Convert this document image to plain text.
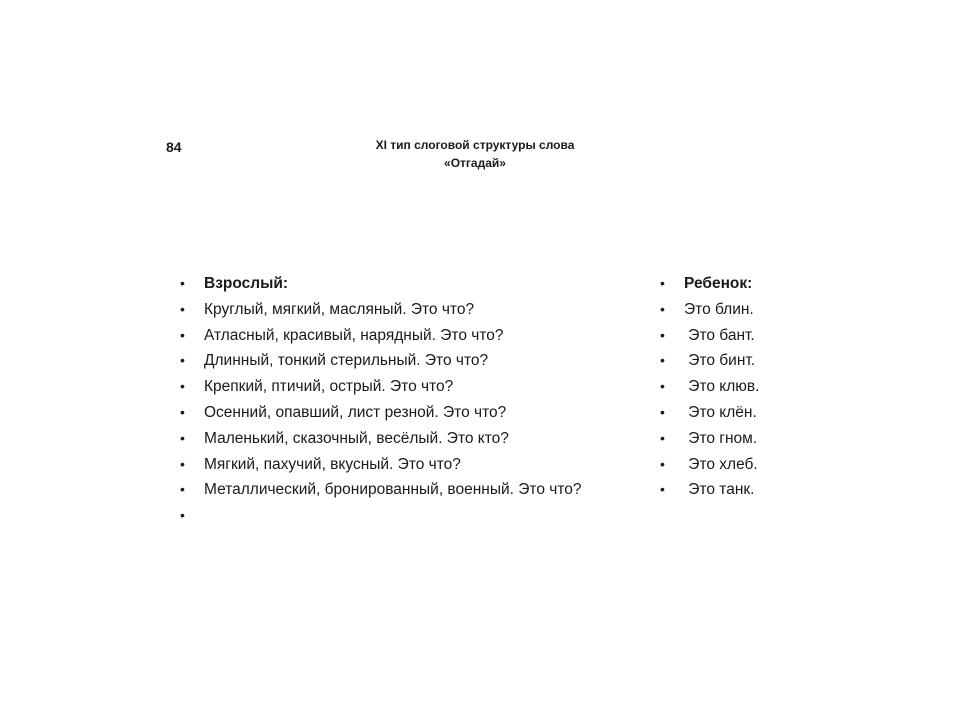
84	XI тип слоговой структуры слова
«Отгадай»
• Взрослый:
• Круглый, мягкий, масляный. Это что?
• Атласный, красивый, нарядный. Это что?
• Длинный, тонкий стерильный. Это что?
• Крепкий, птичий, острый. Это что?
• Осенний, опавший, лист резной. Это что?
• Маленький, сказочный, весёлый. Это кто?
• Мягкий, пахучий, вкусный. Это что?
• Металлический, бронированный, военный. Это что?
•
• Ребенок:
• Это блин.
• Это бант.
• Это бинт.
• Это клюв.
• Это клён.
• Это гном.
• Это хлеб.
• Это танк.
